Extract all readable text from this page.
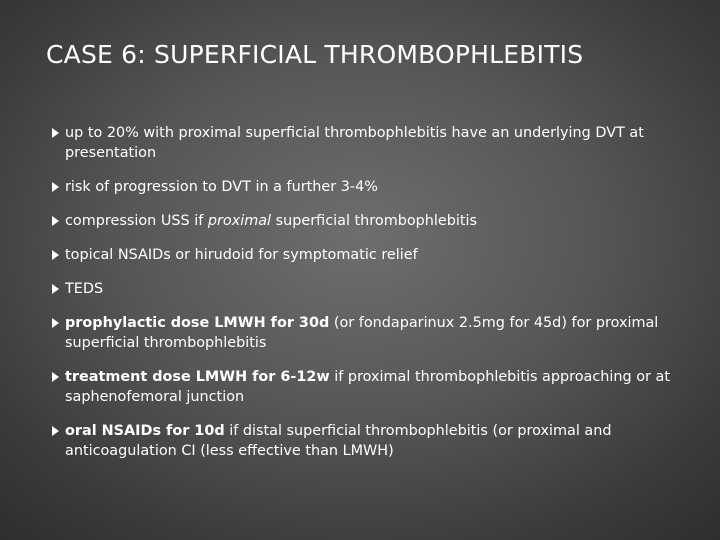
CASE 6: SUPERFICIAL THROMBOPHLEBITIS
up to 20% with proximal superficial thrombophlebitis have an underlying DVT at presentation
risk of progression to DVT in a further 3-4%
compression USS if proximal superficial thrombophlebitis
topical NSAIDs or hirudoid for symptomatic relief
TEDS
prophylactic dose LMWH for 30d (or fondaparinux 2.5mg for 45d) for proximal superficial thrombophlebitis
treatment dose LMWH for 6-12w if proximal thrombophlebitis approaching or at saphenofemoral junction
oral NSAIDs for 10d if distal superficial thrombophlebitis (or proximal and anticoagulation CI (less effective than LMWH)
